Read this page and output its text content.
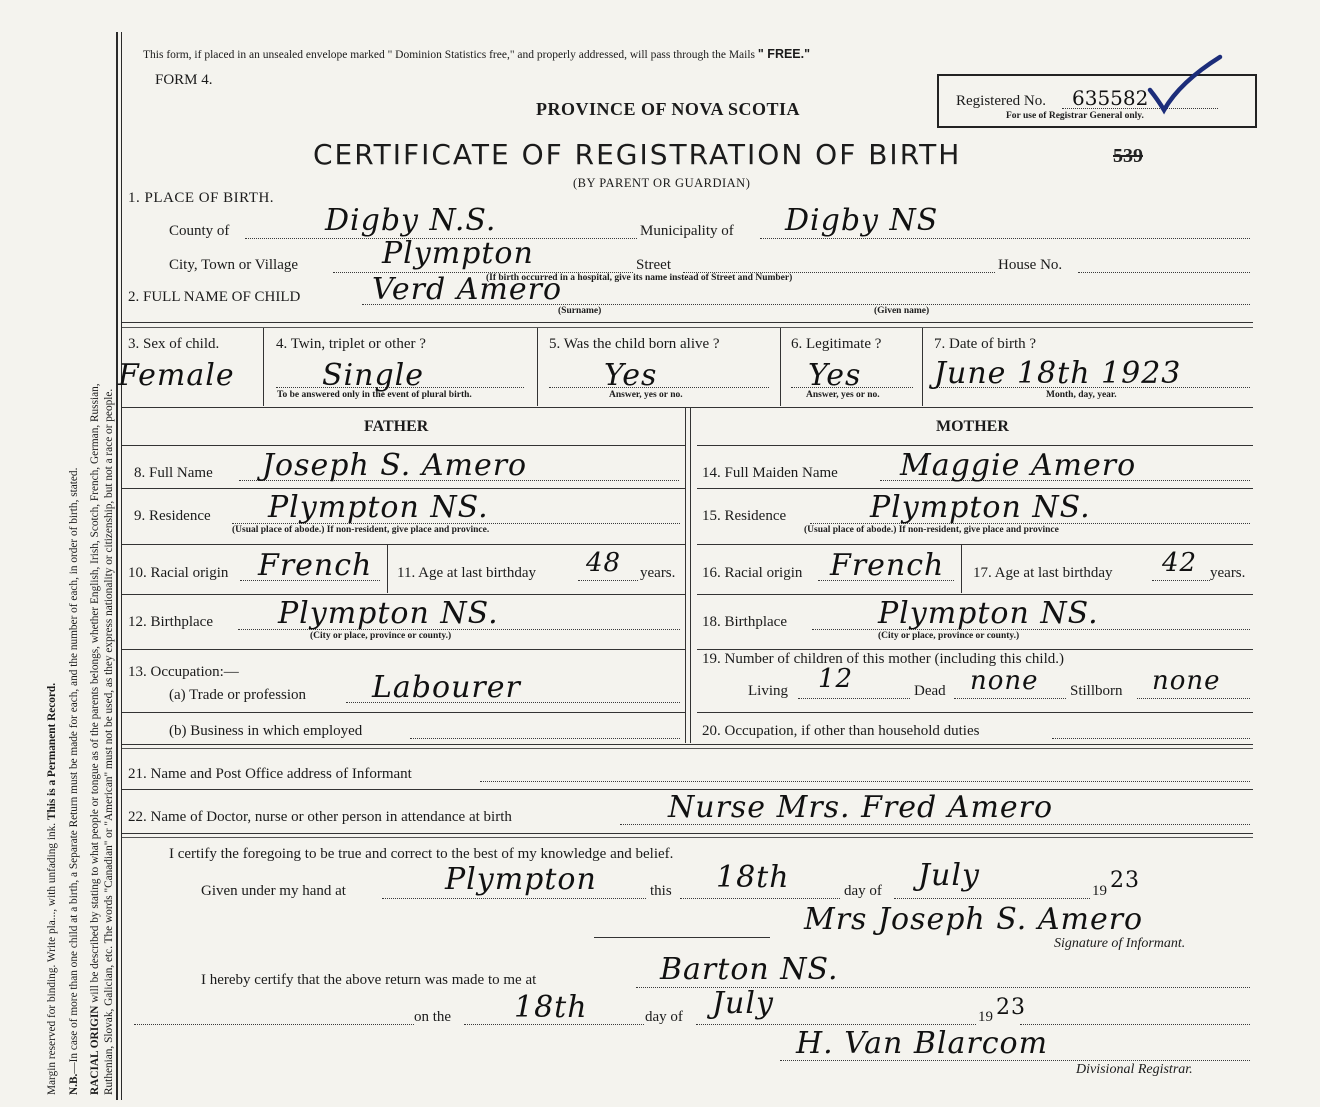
Margin reserved for binding. Write pla..., with unfading ink. This is a Permanent Record.

N.B.—In case of more than one child at a birth, a Separate Return must be made for each, and the number of each, in order of birth, stated. RACIAL ORIGIN will be described by stating to what people or tongue as of the parents belongs, whether English, Irish, Scotch, French, German, Russian, Ruthenian, Slovak, Galician, etc. The words "Canadian" or "American" must not be used, as they express nationality or citizenship, but not a race or people.

This form, if placed in an unsealed envelope marked " Dominion Statistics free," and properly addressed, will pass through the Mails " FREE."
FORM 4.
PROVINCE OF NOVA SCOTIA	Registered No. 635582
For use of Registrar General only.
CERTIFICATE OF REGISTRATION OF BIRTH	539
(BY PARENT OR GUARDIAN)
1. PLACE OF BIRTH.
County of	Digby N.S.	Municipality of Digby NS
City, Town or Village	Plympton	Street	House No.
(If birth occurred in a hospital, give its name instead of Street and Number)
2. FULL NAME OF CHILD Verd Amero
(Surname)	(Given name)
3. Sex of child.
Female
4. Twin, triplet or other ?
Single
To be answered only in the event of plural birth.
5. Was the child born alive ?
Yes
Answer, yes or no.
6. Legitimate ?
Yes
Answer, yes or no.
7. Date of birth ?
June 18th 1923
Month, day, year.
FATHER	MOTHER
8. Full Name Joseph S. Amero
9. Residence Plympton NS.
(Usual place of abode.) If non-resident, give place and province.
10. Racial origin French 11. Age at last birthday 48 years.
12. Birthplace Plympton NS.
(City or place, province or county.)
13. Occupation:—
(a) Trade or profession Labourer
(b) Business in which employed
14. Full Maiden Name Maggie Amero
15. Residence	Plympton NS.
(Usual place of abode.) If non-resident, give place and province
16. Racial origin French 17. Age at last birthday 42 years.
18. Birthplace	Plympton NS.
(City or place, province or county.)
19. Number of children of this mother (including this child.)
Living 12	Dead none Stillborn none
20. Occupation, if other than household duties
21. Name and Post Office address of Informant
22. Name of Doctor, nurse or other person in attendance at birth	Nurse Mrs. Fred Amero
I certify the foregoing to be true and correct to the best of my knowledge and belief.
Given under my hand at	Plympton	this 18th	day of July	19 23
Mrs Joseph S. Amero
Signature of Informant.
I hereby certify that the above return was made to me at	Barton NS.
on the 18th	day of July	19 23
H. Van Blarcom
Divisional Registrar.
